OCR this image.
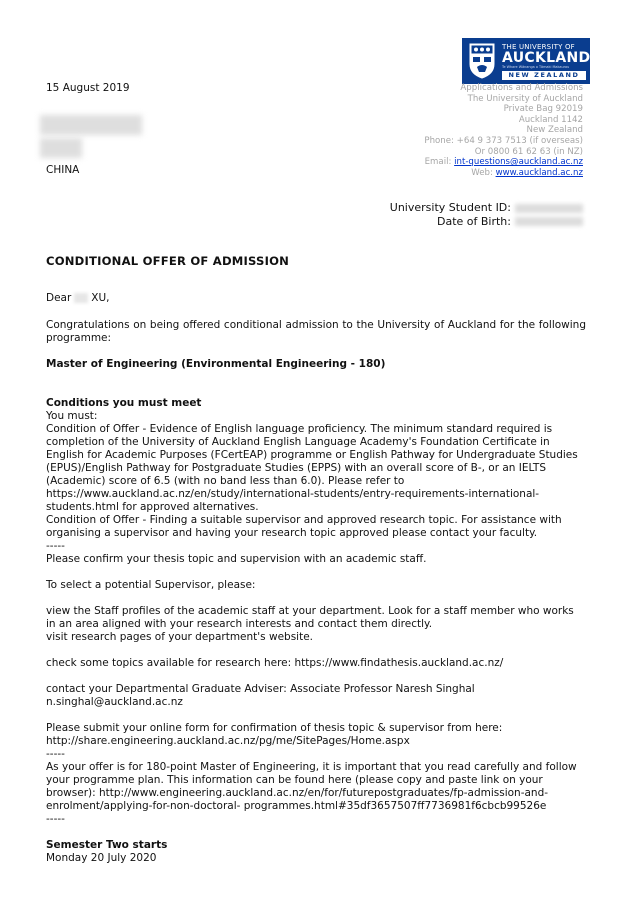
THE UNIVERSITY OF
AUCKLAND
Te Whare Wānanga o Tāmaki Makaurau
NEW ZEALAND
Applications and Admissions
The University of Auckland
Private Bag 92019
Auckland 1142
New Zealand
Phone: +64 9 373 7513 (if overseas)
Or 0800 61 62 63 (in NZ)
Email: int-questions@auckland.ac.nz
Web: www.auckland.ac.nz
15 August 2019
CHINA
University Student ID:
Date of Birth:
CONDITIONAL OFFER OF ADMISSION
Dear XU,

Congratulations on being offered conditional admission to the University of Auckland for the following programme:

Master of Engineering (Environmental Engineering - 180)

Conditions you must meet

You must:

Condition of Offer - Evidence of English language proficiency. The minimum standard required is completion of the University of Auckland English Language Academy's Foundation Certificate in English for Academic Purposes (FCertEAP) programme or English Pathway for Undergraduate Studies (EPUS)/English Pathway for Postgraduate Studies (EPPS) with an overall score of B-, or an IELTS (Academic) score of 6.5 (with no band less than 6.0). Please refer to https://www.auckland.ac.nz/en/study/international-students/entry-requirements-international-students.html for approved alternatives.

Condition of Offer - Finding a suitable supervisor and approved research topic. For assistance with organising a supervisor and having your research topic approved please contact your faculty.

-----

Please confirm your thesis topic and supervision with an academic staff.

To select a potential Supervisor, please:

view the Staff profiles of the academic staff at your department. Look for a staff member who works in an area aligned with your research interests and contact them directly.

visit research pages of your department's website.

check some topics available for research here: https://www.findathesis.auckland.ac.nz/

contact your Departmental Graduate Adviser: Associate Professor Naresh Singhal

n.singhal@auckland.ac.nz

Please submit your online form for confirmation of thesis topic & supervisor from here:

http://share.engineering.auckland.ac.nz/pg/me/SitePages/Home.aspx

-----

As your offer is for 180-point Master of Engineering, it is important that you read carefully and follow your programme plan. This information can be found here (please copy and paste link on your browser): http://www.engineering.auckland.ac.nz/en/for/futurepostgraduates/fp-admission-and-enrolment/applying-for-non-doctoral- programmes.html#35df3657507ff7736981f6cbcb99526e

-----

Semester Two starts

Monday 20 July 2020
